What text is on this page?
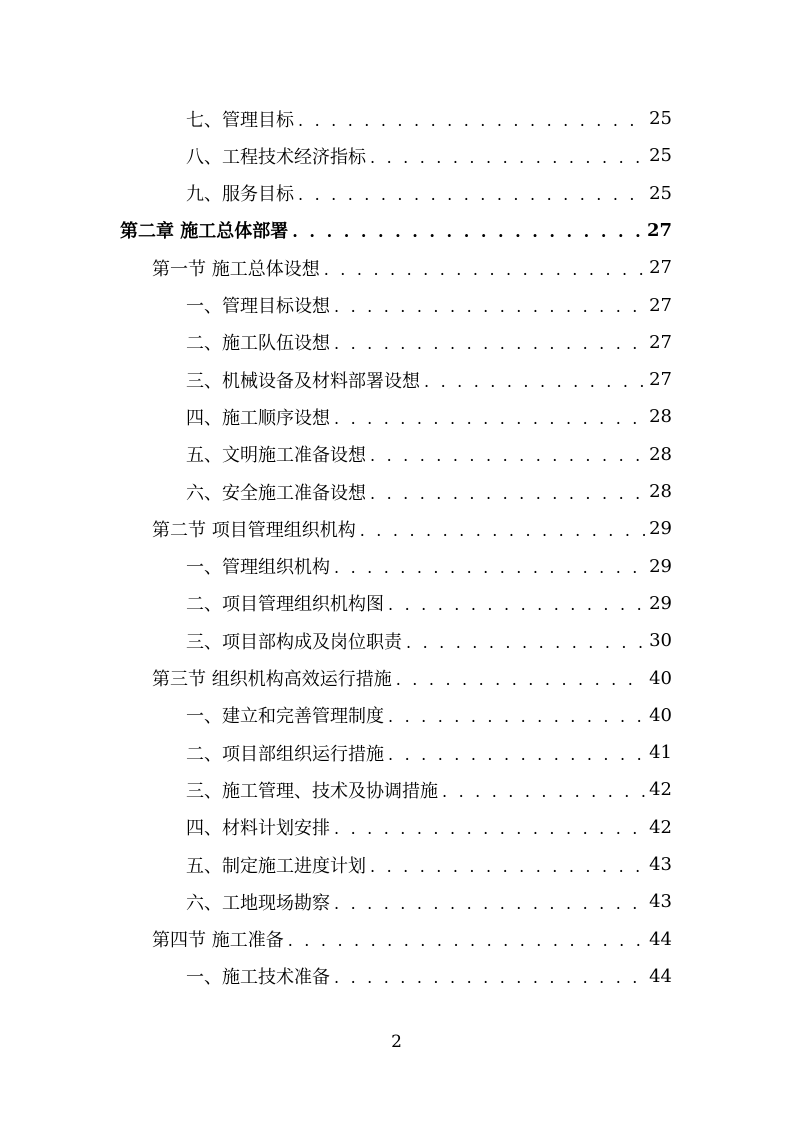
七、管理目标 . . .	25
八、工程技术经济指标 . . .	25
九、服务目标 . . .	25
第二章 施工总体部署 . . .	27
第一节 施工总体设想 . . .	27
一、管理目标设想 . . .	27
二、施工队伍设想 . . .	27
三、机械设备及材料部署设想 . . .	27
四、施工顺序设想 . . .	28
五、文明施工准备设想 . . .	28
六、安全施工准备设想 . . .	28
第二节 项目管理组织机构 . . .	29
一、管理组织机构 . . .	29
二、项目管理组织机构图 . . .	29
三、项目部构成及岗位职责 . . .	30
第三节 组织机构高效运行措施 . . .	40
一、建立和完善管理制度 . . .	40
二、项目部组织运行措施 . . .	41
三、施工管理、技术及协调措施 . . .	42
四、材料计划安排 . . .	42
五、制定施工进度计划 . . .	43
六、工地现场勘察 . . .	43
第四节 施工准备 . . .	44
一、施工技术准备 . . .	44
2
